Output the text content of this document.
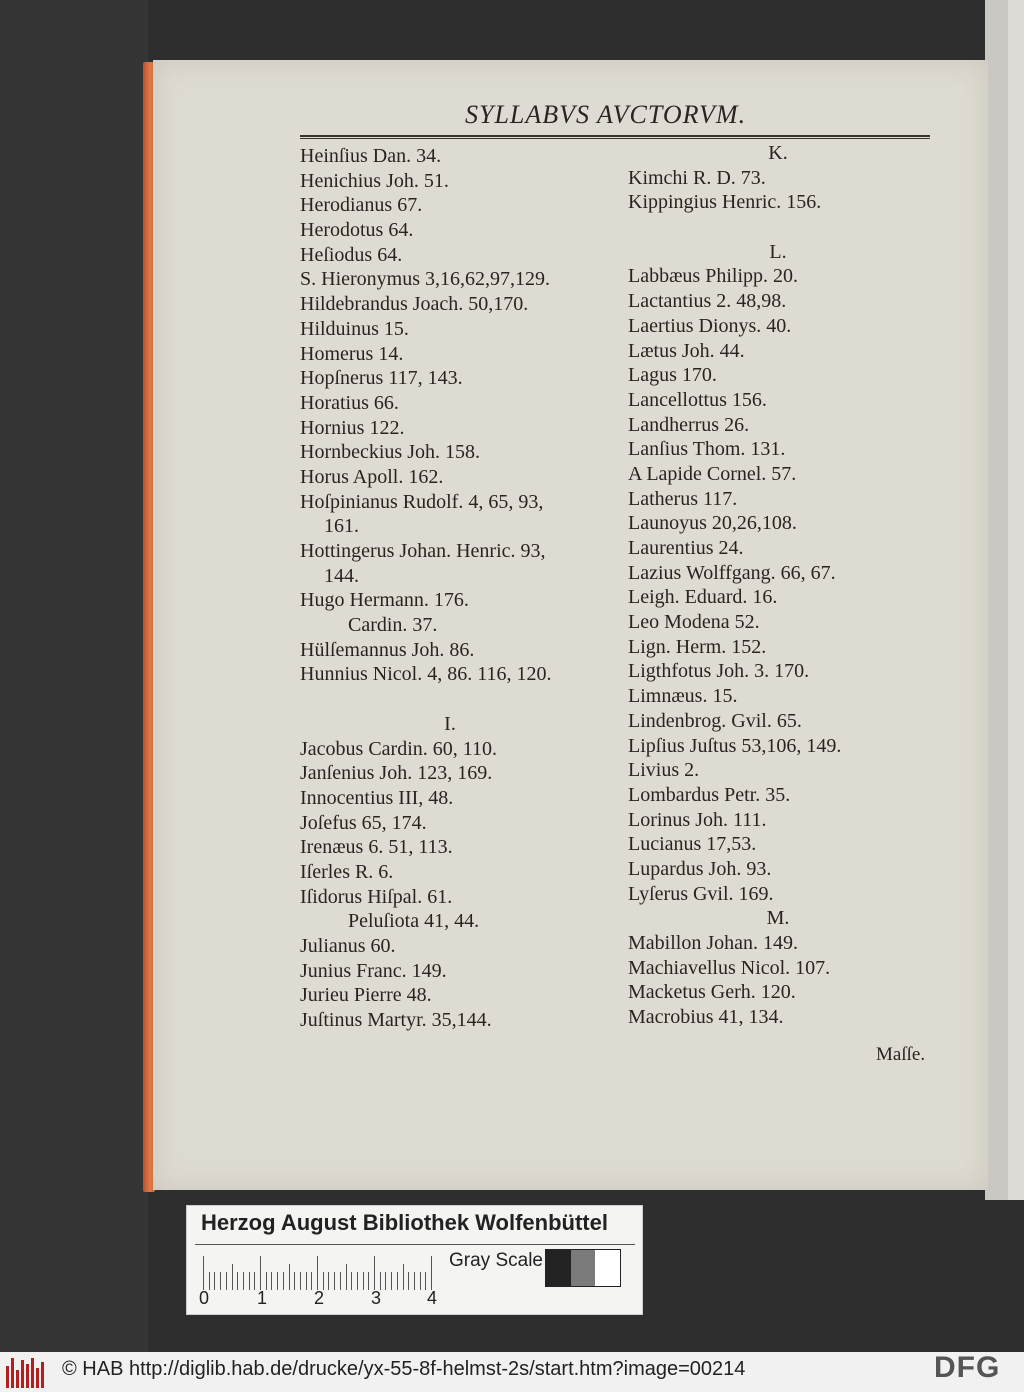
SYLLABVS AVCTORVM.
Heinſius Dan. 34.
Henichius Joh. 51.
Herodianus 67.
Herodotus 64.
Heſiodus 64.
S. Hieronymus 3,16,62,97,129.
Hildebrandus Joach. 50,170.
Hilduinus 15.
Homerus 14.
Hopſnerus 117, 143.
Horatius 66.
Hornius 122.
Hornbeckius Joh. 158.
Horus Apoll. 162.
Hoſpinianus Rudolf. 4, 65, 93,
161.
Hottingerus Johan. Henric. 93,
144.
Hugo Hermann. 176.
Cardin. 37.
Hülſemannus Joh. 86.
Hunnius Nicol. 4, 86. 116, 120.
I.
Jacobus Cardin. 60, 110.
Janſenius Joh. 123, 169.
Innocentius III, 48.
Joſefus 65, 174.
Irenæus 6. 51, 113.
Iſerles R. 6.
Iſidorus Hiſpal. 61.
Peluſiota 41, 44.
Julianus 60.
Junius Franc. 149.
Jurieu Pierre 48.
Juſtinus Martyr. 35,144.
K.
Kimchi R. D. 73.
Kippingius Henric. 156.
L.
Labbæus Philipp. 20.
Lactantius 2. 48,98.
Laertius Dionys. 40.
Lætus Joh. 44.
Lagus 170.
Lancellottus 156.
Landherrus 26.
Lanſius Thom. 131.
A Lapide Cornel. 57.
Latherus 117.
Launoyus 20,26,108.
Laurentius 24.
Lazius Wolffgang. 66, 67.
Leigh. Eduard. 16.
Leo Modena 52.
Lign. Herm. 152.
Ligthfotus Joh. 3. 170.
Limnæus. 15.
Lindenbrog. Gvil. 65.
Lipſius Juſtus 53,106, 149.
Livius 2.
Lombardus Petr. 35.
Lorinus Joh. 111.
Lucianus 17,53.
Lupardus Joh. 93.
Lyſerus Gvil. 169.
M.
Mabillon Johan. 149.
Machiavellus Nicol. 107.
Macketus Gerh. 120.
Macrobius 41, 134.
Maſſe.
Herzog August Bibliothek Wolfenbüttel
0	1	2	3	4
Gray Scale
© HAB http://diglib.hab.de/drucke/yx-55-8f-helmst-2s/start.htm?image=00214	DFG
